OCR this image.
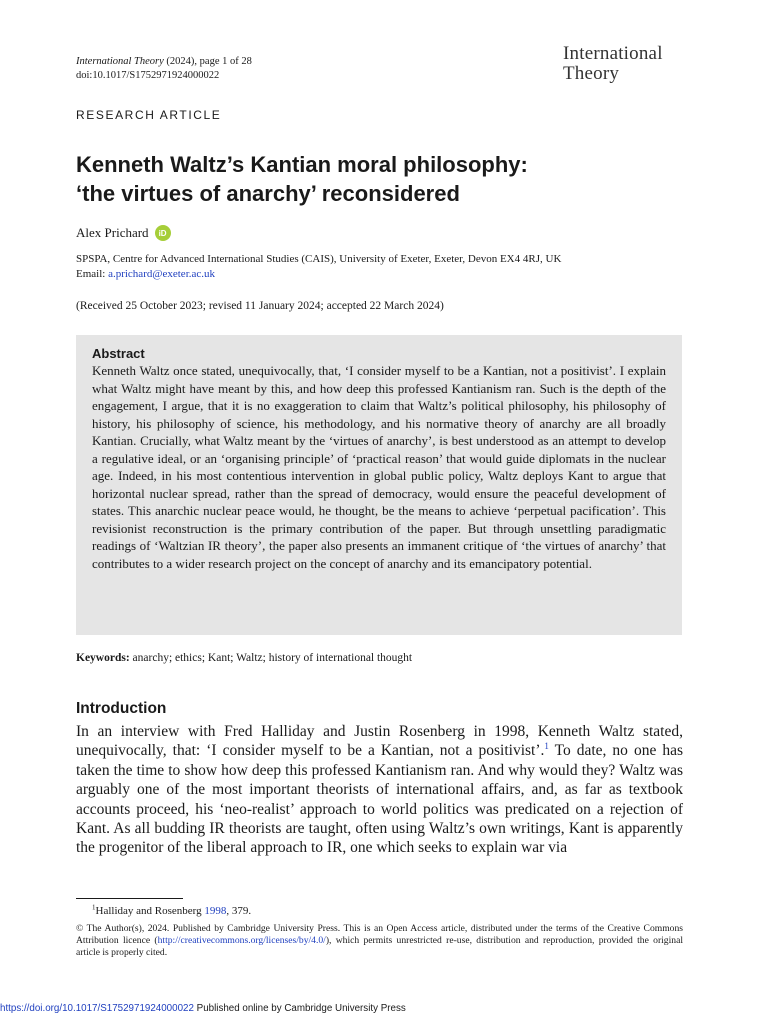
International Theory (2024), page 1 of 28
doi:10.1017/S1752971924000022
International
Theory
RESEARCH ARTICLE
Kenneth Waltz’s Kantian moral philosophy:
‘the virtues of anarchy’ reconsidered
Alex Prichard	iD
SPSPA, Centre for Advanced International Studies (CAIS), University of Exeter, Exeter, Devon EX4 4RJ, UK
Email: a.prichard@exeter.ac.uk
(Received 25 October 2023; revised 11 January 2024; accepted 22 March 2024)
Abstract
Kenneth Waltz once stated, unequivocally, that, ‘I consider myself to be a Kantian, not a positivist’. I explain what Waltz might have meant by this, and how deep this professed Kantianism ran. Such is the depth of the engagement, I argue, that it is no exaggeration to claim that Waltz’s political philosophy, his philosophy of history, his philosophy of science, his methodology, and his normative theory of anarchy are all broadly Kantian. Crucially, what Waltz meant by the ‘virtues of anarchy’, is best understood as an attempt to develop a regulative ideal, or an ‘organising principle’ of ‘practical reason’ that would guide diplomats in the nuclear age. Indeed, in his most contentious intervention in global public policy, Waltz deploys Kant to argue that horizontal nuclear spread, rather than the spread of democracy, would ensure the peaceful development of states. This anarchic nuclear peace would, he thought, be the means to achieve ‘perpetual pacification’. This revisionist reconstruction is the primary contribution of the paper. But through unsettling paradigmatic readings of ‘Waltzian IR theory’, the paper also presents an immanent critique of ‘the virtues of anarchy’ that contributes to a wider research project on the concept of anarchy and its emancipatory potential.
Keywords: anarchy; ethics; Kant; Waltz; history of international thought
Introduction
In an interview with Fred Halliday and Justin Rosenberg in 1998, Kenneth Waltz stated, unequivocally, that: ‘I consider myself to be a Kantian, not a positivist’.$^1$ To date, no one has taken the time to show how deep this professed Kantianism ran. And why would they? Waltz was arguably one of the most important theorists of international affairs, and, as far as textbook accounts proceed, his ‘neo-realist’ approach to world politics was predicated on a rejection of Kant. As all budding IR theorists are taught, often using Waltz’s own writings, Kant is apparently the progenitor of the liberal approach to IR, one which seeks to explain war via
$^1$Halliday and Rosenberg 1998, 379.
© The Author(s), 2024. Published by Cambridge University Press. This is an Open Access article, distributed under the terms of the Creative Commons Attribution licence (http://creativecommons.org/licenses/by/4.0/), which permits unrestricted re-use, distribution and reproduction, provided the original article is properly cited.
https://doi.org/10.1017/S1752971924000022 Published online by Cambridge University Press
